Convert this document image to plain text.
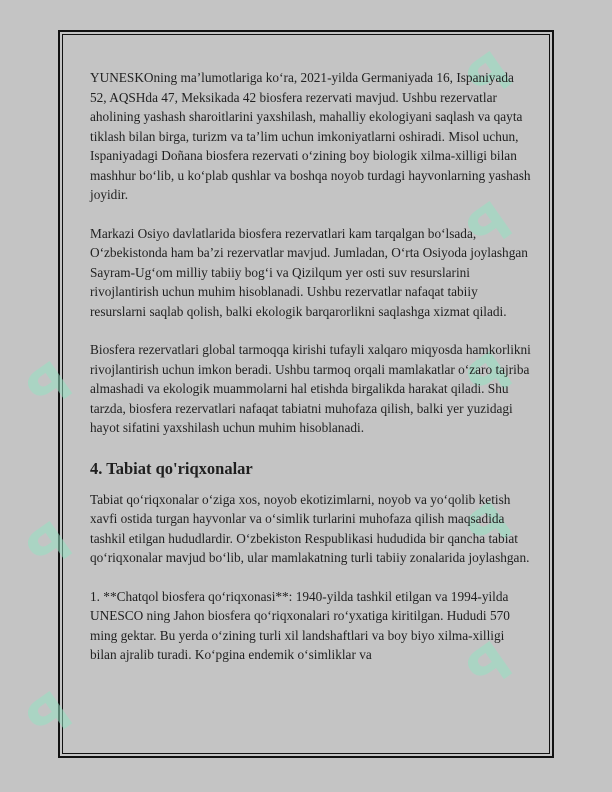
ꟼ
ꟼ
ꟼ
ꟼ
ꟼ
ꟼ
ꟼ
ꟼ

YUNESKOning maʼlumotlariga koʻra, 2021-yilda Germaniyada 16, Ispaniyada 52, AQSHda 47, Meksikada 42 biosfera rezervati mavjud. Ushbu rezervatlar aholining yashash sharoitlarini yaxshilash, mahalliy ekologiyani saqlash va qayta tiklash bilan birga, turizm va taʼlim uchun imkoniyatlarni oshiradi. Misol uchun, Ispaniyadagi Doñana biosfera rezervati oʻzining boy biologik xilma-xilligi bilan mashhur boʻlib, u koʻplab qushlar va boshqa noyob turdagi hayvonlarning yashash joyidir.

Markazi Osiyo davlatlarida biosfera rezervatlari kam tarqalgan boʻlsada, Oʻzbekistonda ham baʼzi rezervatlar mavjud. Jumladan, Oʻrta Osiyoda joylashgan Sayram-Ugʻom milliy tabiiy bogʻi va Qizilqum yer osti suv resurslarini rivojlantirish uchun muhim hisoblanadi. Ushbu rezervatlar nafaqat tabiiy resurslarni saqlab qolish, balki ekologik barqarorlikni saqlashga xizmat qiladi.

Biosfera rezervatlari global tarmoqqa kirishi tufayli xalqaro miqyosda hamkorlikni rivojlantirish uchun imkon beradi. Ushbu tarmoq orqali mamlakatlar oʻzaro tajriba almashadi va ekologik muammolarni hal etishda birgalikda harakat qiladi. Shu tarzda, biosfera rezervatlari nafaqat tabiatni muhofaza qilish, balki yer yuzidagi hayot sifatini yaxshilash uchun muhim hisoblanadi.

4. Tabiat qo'riqxonalar

Tabiat qoʻriqxonalar oʻziga xos, noyob ekotizimlarni, noyob va yoʻqolib ketish xavfi ostida turgan hayvonlar va oʻsimlik turlarini muhofaza qilish maqsadida tashkil etilgan hududlardir. Oʻzbekiston Respublikasi hududida bir qancha tabiat qoʻriqxonalar mavjud boʻlib, ular mamlakatning turli tabiiy zonalarida joylashgan.

1. **Chatqol biosfera qoʻriqxonasi**: 1940-yilda tashkil etilgan va 1994-yilda UNESCO ning Jahon biosfera qoʻriqxonalari roʻyxatiga kiritilgan. Hududi 570 ming gektar. Bu yerda oʻzining turli xil landshaftlari va boy biyo xilma-xilligi bilan ajralib turadi. Koʻpgina endemik oʻsimliklar va
